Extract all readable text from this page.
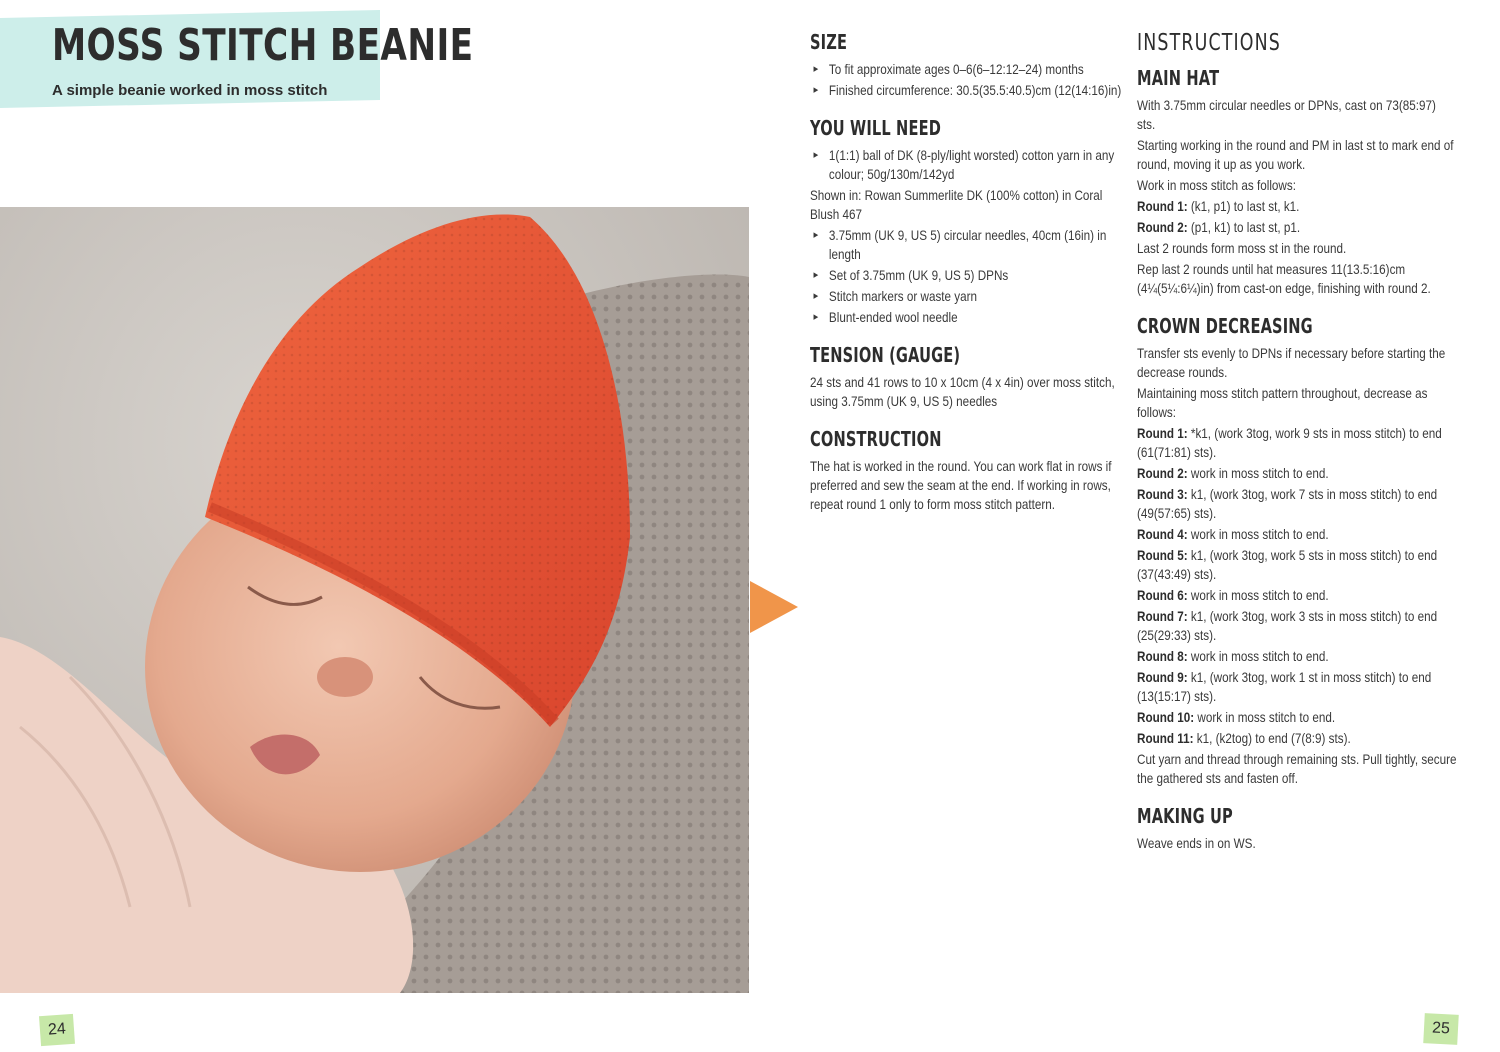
MOSS STITCH BEANIE

A simple beanie worked in moss stitch

SIZE
▸ To fit approximate ages 0–6(6–12:12–24) months
▸ Finished circumference: 30.5(35.5:40.5)cm (12(14:16)in)
YOU WILL NEED
▸ 1(1:1) ball of DK (8-ply/light worsted) cotton yarn in any colour; 50g/130m/142yd

Shown in: Rowan Summerlite DK (100% cotton) in Coral Blush 467

▸ 3.75mm (UK 9, US 5) circular needles, 40cm (16in) in length
▸ Set of 3.75mm (UK 9, US 5) DPNs
▸ Stitch markers or waste yarn
▸ Blunt-ended wool needle
TENSION (GAUGE)

24 sts and 41 rows to 10 x 10cm (4 x 4in) over moss stitch, using 3.75mm (UK 9, US 5) needles

CONSTRUCTION

The hat is worked in the round. You can work flat in rows if preferred and sew the seam at the end. If working in rows, repeat round 1 only to form moss stitch pattern.

INSTRUCTIONS
MAIN HAT

With 3.75mm circular needles or DPNs, cast on 73(85:97) sts.

Starting working in the round and PM in last st to mark end of round, moving it up as you work.

Work in moss stitch as follows:

Round 1: (k1, p1) to last st, k1.

Round 2: (p1, k1) to last st, p1.

Last 2 rounds form moss st in the round.

Rep last 2 rounds until hat measures 11(13.5:16)cm (4¼(5¼:6¼)in) from cast-on edge, finishing with round 2.

CROWN DECREASING

Transfer sts evenly to DPNs if necessary before starting the decrease rounds.

Maintaining moss stitch pattern throughout, decrease as follows:

Round 1: *k1, (work 3tog, work 9 sts in moss stitch) to end (61(71:81) sts).

Round 2: work in moss stitch to end.

Round 3: k1, (work 3tog, work 7 sts in moss stitch) to end (49(57:65) sts).

Round 4: work in moss stitch to end.

Round 5: k1, (work 3tog, work 5 sts in moss stitch) to end (37(43:49) sts).

Round 6: work in moss stitch to end.

Round 7: k1, (work 3tog, work 3 sts in moss stitch) to end (25(29:33) sts).

Round 8: work in moss stitch to end.

Round 9: k1, (work 3tog, work 1 st in moss stitch) to end (13(15:17) sts).

Round 10: work in moss stitch to end.

Round 11: k1, (k2tog) to end (7(8:9) sts).

Cut yarn and thread through remaining sts. Pull tightly, secure the gathered sts and fasten off.

MAKING UP

Weave ends in on WS.

24	25
